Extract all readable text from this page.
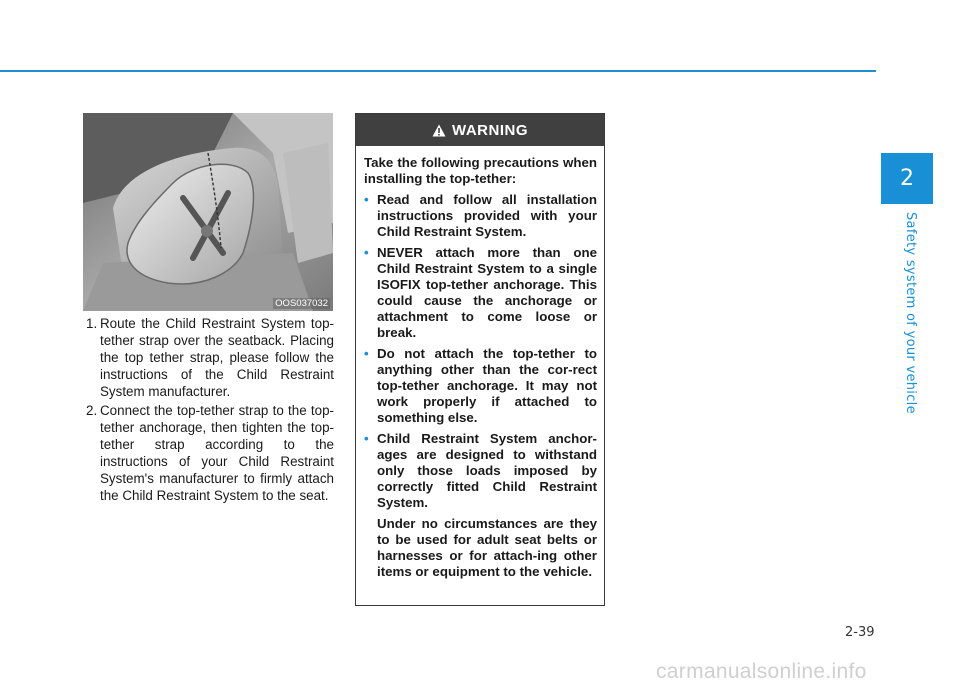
2
Safety system of your vehicle
OOS037032
1. Route the Child Restraint System top-tether strap over the seatback. Placing the top tether strap, please follow the instructions of the Child Restraint System manufacturer.
2. Connect the top-tether strap to the top-tether anchorage, then tighten the top-tether strap according to the instructions of your Child Restraint System's manufacturer to firmly attach the Child Restraint System to the seat.
WARNING

Take the following precautions when installing the top-tether:

• Read and follow all installation instructions provided with your Child Restraint System.
• NEVER attach more than one Child Restraint System to a single ISOFIX top-tether anchorage. This could cause the anchorage or attachment to come loose or break.
• Do not attach the top-tether to anything other than the cor-rect top-tether anchorage. It may not work properly if attached to something else.
• Child Restraint System anchor-ages are designed to withstand only those loads imposed by correctly fitted Child Restraint System.

Under no circumstances are they to be used for adult seat belts or harnesses or for attach-ing other items or equipment to the vehicle.

2-39
carmanualsonline.info
